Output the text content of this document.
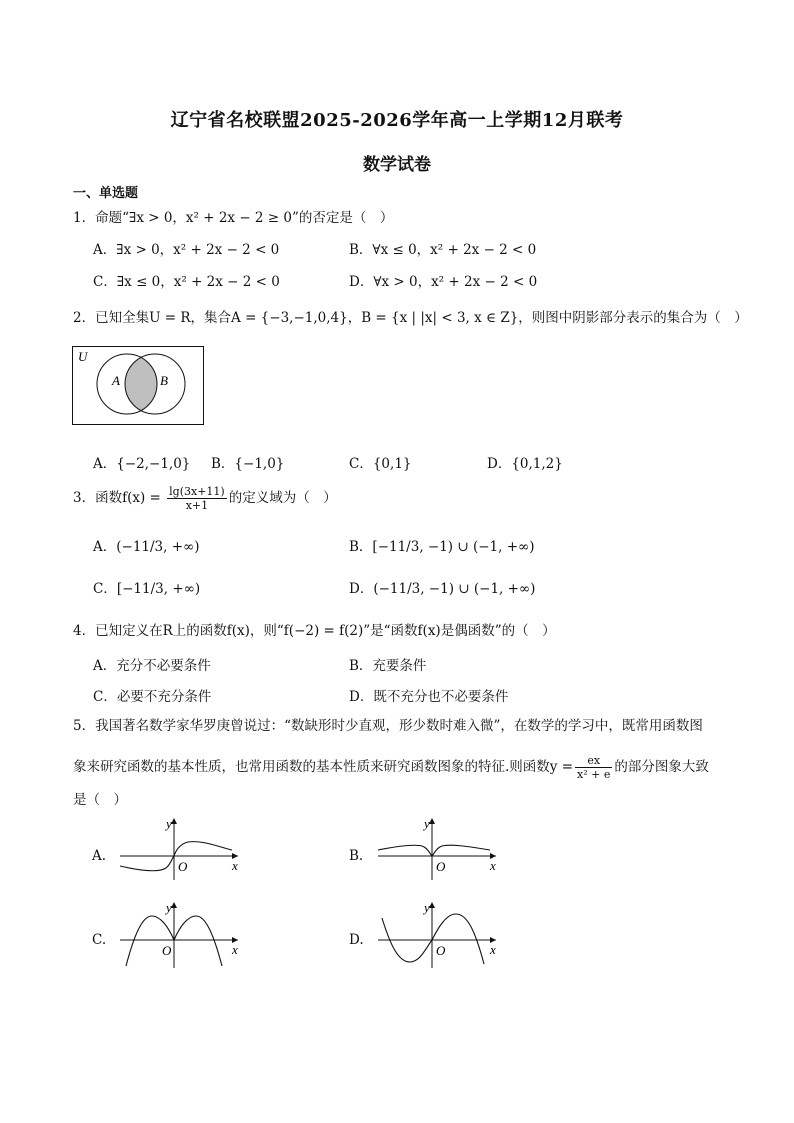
辽宁省名校联盟2025-2026学年高一上学期12月联考
数学试卷
一、单选题
1．命题“∃x > 0，x² + 2x − 2 ≥ 0”的否定是（　）
A．∃x > 0，x² + 2x − 2 < 0	B．∀x ≤ 0，x² + 2x − 2 < 0
C．∃x ≤ 0，x² + 2x − 2 < 0	D．∀x > 0，x² + 2x − 2 < 0
2．已知全集U = R，集合A = {−3,−1,0,4}，B = {x | |x| < 3, x ∈ Z}，则图中阴影部分表示的集合为（　）
U
A	B
A．{−2,−1,0} B．{−1,0}	C．{0,1}	D．{0,1,2}
3．函数$f(x) = \frac{\lg(3x+11)}{x+1}$ 的定义域为（　）
A．(−11/3, +∞)	B．[−11/3, −1) ∪ (−1, +∞)
C．[−11/3, +∞)	D．(−11/3, −1) ∪ (−1, +∞)
4．已知定义在R上的函数f(x)，则“f(−2) = f(2)”是“函数f(x)是偶函数”的（　）
A．充分不必要条件	B．充要条件
C．必要不充分条件	D．既不充分也不必要条件
5．我国著名数学家华罗庚曾说过：“数缺形时少直观，形少数时难入微”，在数学的学习中，既常用函数图
象来研究函数的基本性质，也常用函数的基本性质来研究函数图象的特征.则函数$y = \frac{ex}{\text{x² + e}}$ 的部分图象大致
是（　）
A.
y
O	x
B.
y
O	x
C.
y
O	x
D.
y
O	x
